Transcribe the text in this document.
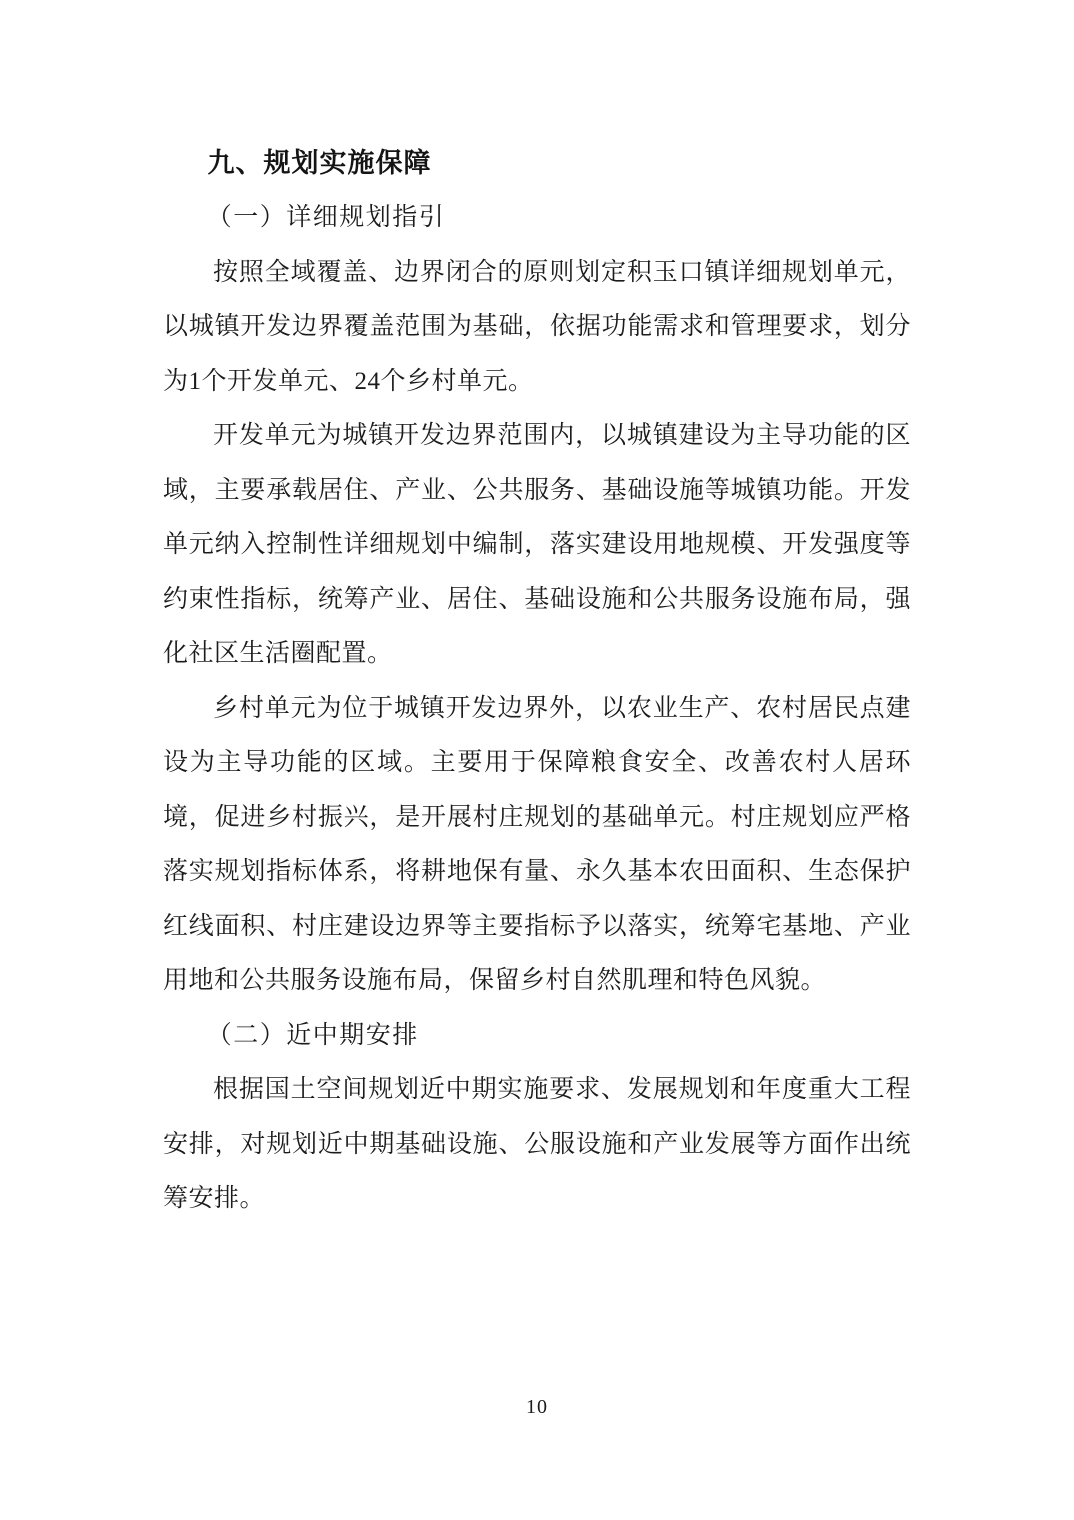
九、规划实施保障
（一）详细规划指引

按照全域覆盖、边界闭合的原则划定积玉口镇详细规划单元，以城镇开发边界覆盖范围为基础，依据功能需求和管理要求，划分为1个开发单元、24个乡村单元。

开发单元为城镇开发边界范围内，以城镇建设为主导功能的区域，主要承载居住、产业、公共服务、基础设施等城镇功能。开发单元纳入控制性详细规划中编制，落实建设用地规模、开发强度等约束性指标，统筹产业、居住、基础设施和公共服务设施布局，强化社区生活圈配置。

乡村单元为位于城镇开发边界外，以农业生产、农村居民点建设为主导功能的区域。主要用于保障粮食安全、改善农村人居环境，促进乡村振兴，是开展村庄规划的基础单元。村庄规划应严格落实规划指标体系，将耕地保有量、永久基本农田面积、生态保护红线面积、村庄建设边界等主要指标予以落实，统筹宅基地、产业用地和公共服务设施布局，保留乡村自然肌理和特色风貌。

（二）近中期安排

根据国土空间规划近中期实施要求、发展规划和年度重大工程安排，对规划近中期基础设施、公服设施和产业发展等方面作出统筹安排。

10
